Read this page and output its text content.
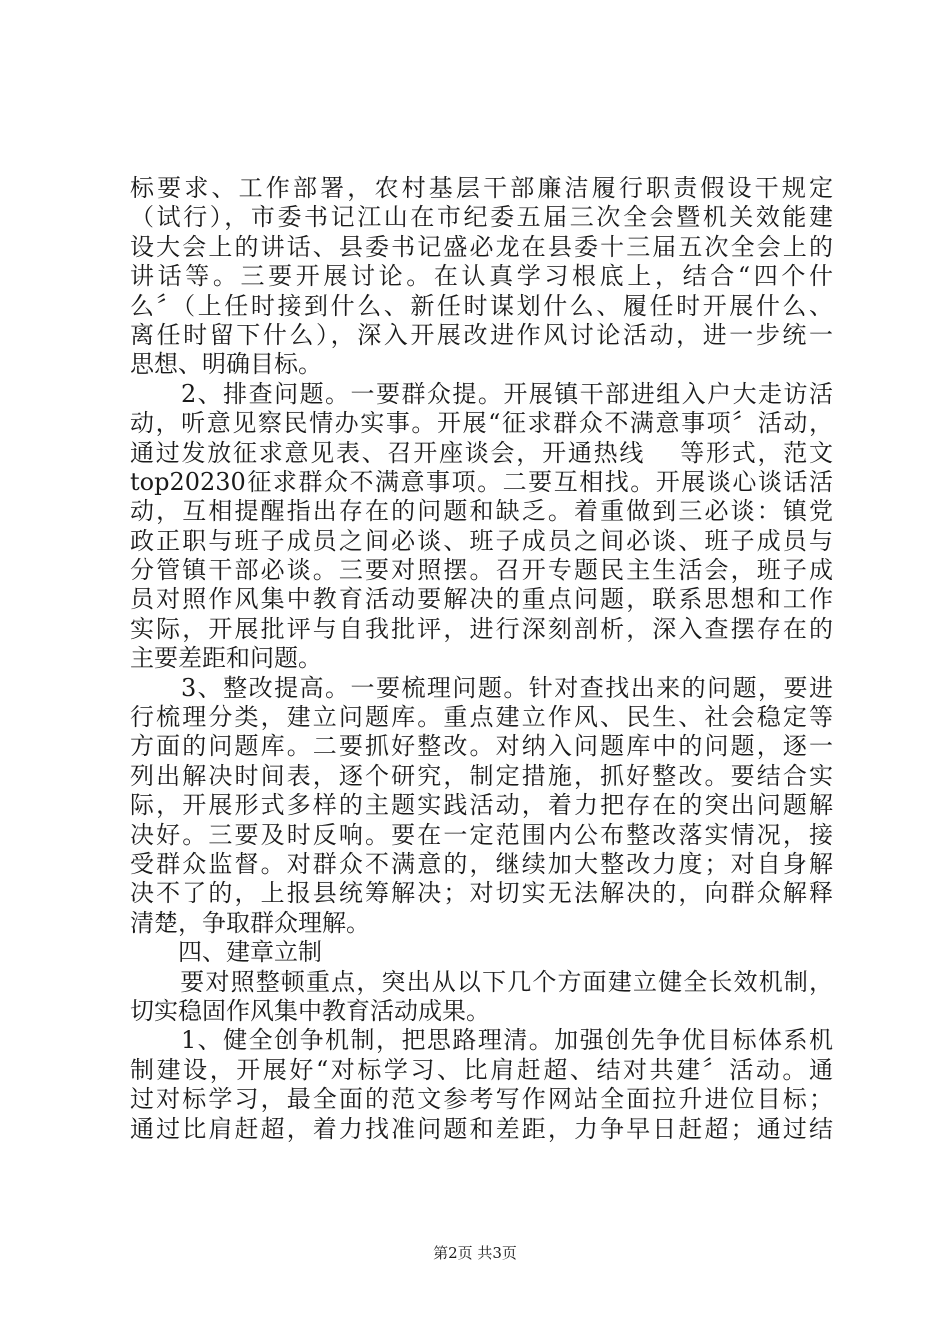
标要求、工作部署，农村基层干部廉洁履行职责假设干规定
（试行），市委书记江山在市纪委五届三次全会暨机关效能建
设大会上的讲话、县委书记盛必龙在县委十三届五次全会上的
讲话等。三要开展讨论。在认真学习根底上，结合“四个什
么〞（上任时接到什么、新任时谋划什么、履任时开展什么、
离任时留下什么），深入开展改进作风讨论活动，进一步统一
思想、明确目标。
　　2、排查问题。一要群众提。开展镇干部进组入户大走访活
动，听意见察民情办实事。开展“征求群众不满意事项〞活动，
通过发放征求意见表、召开座谈会，开通热线　 等形式，范文
top20230征求群众不满意事项。二要互相找。开展谈心谈话活
动，互相提醒指出存在的问题和缺乏。着重做到三必谈：镇党
政正职与班子成员之间必谈、班子成员之间必谈、班子成员与
分管镇干部必谈。三要对照摆。召开专题民主生活会，班子成
员对照作风集中教育活动要解决的重点问题，联系思想和工作
实际，开展批评与自我批评，进行深刻剖析，深入查摆存在的
主要差距和问题。
　　3、整改提高。一要梳理问题。针对查找出来的问题，要进
行梳理分类，建立问题库。重点建立作风、民生、社会稳定等
方面的问题库。二要抓好整改。对纳入问题库中的问题，逐一
列出解决时间表，逐个研究，制定措施，抓好整改。要结合实
际，开展形式多样的主题实践活动，着力把存在的突出问题解
决好。三要及时反响。要在一定范围内公布整改落实情况，接
受群众监督。对群众不满意的，继续加大整改力度；对自身解
决不了的，上报县统筹解决；对切实无法解决的，向群众解释
清楚，争取群众理解。
　　四、建章立制
　　要对照整顿重点，突出从以下几个方面建立健全长效机制，
切实稳固作风集中教育活动成果。
　　1、健全创争机制，把思路理清。加强创先争优目标体系机
制建设，开展好“对标学习、比肩赶超、结对共建〞活动。通
过对标学习，最全面的范文参考写作网站全面拉升进位目标；
通过比肩赶超，着力找准问题和差距，力争早日赶超；通过结
第2页 共3页
